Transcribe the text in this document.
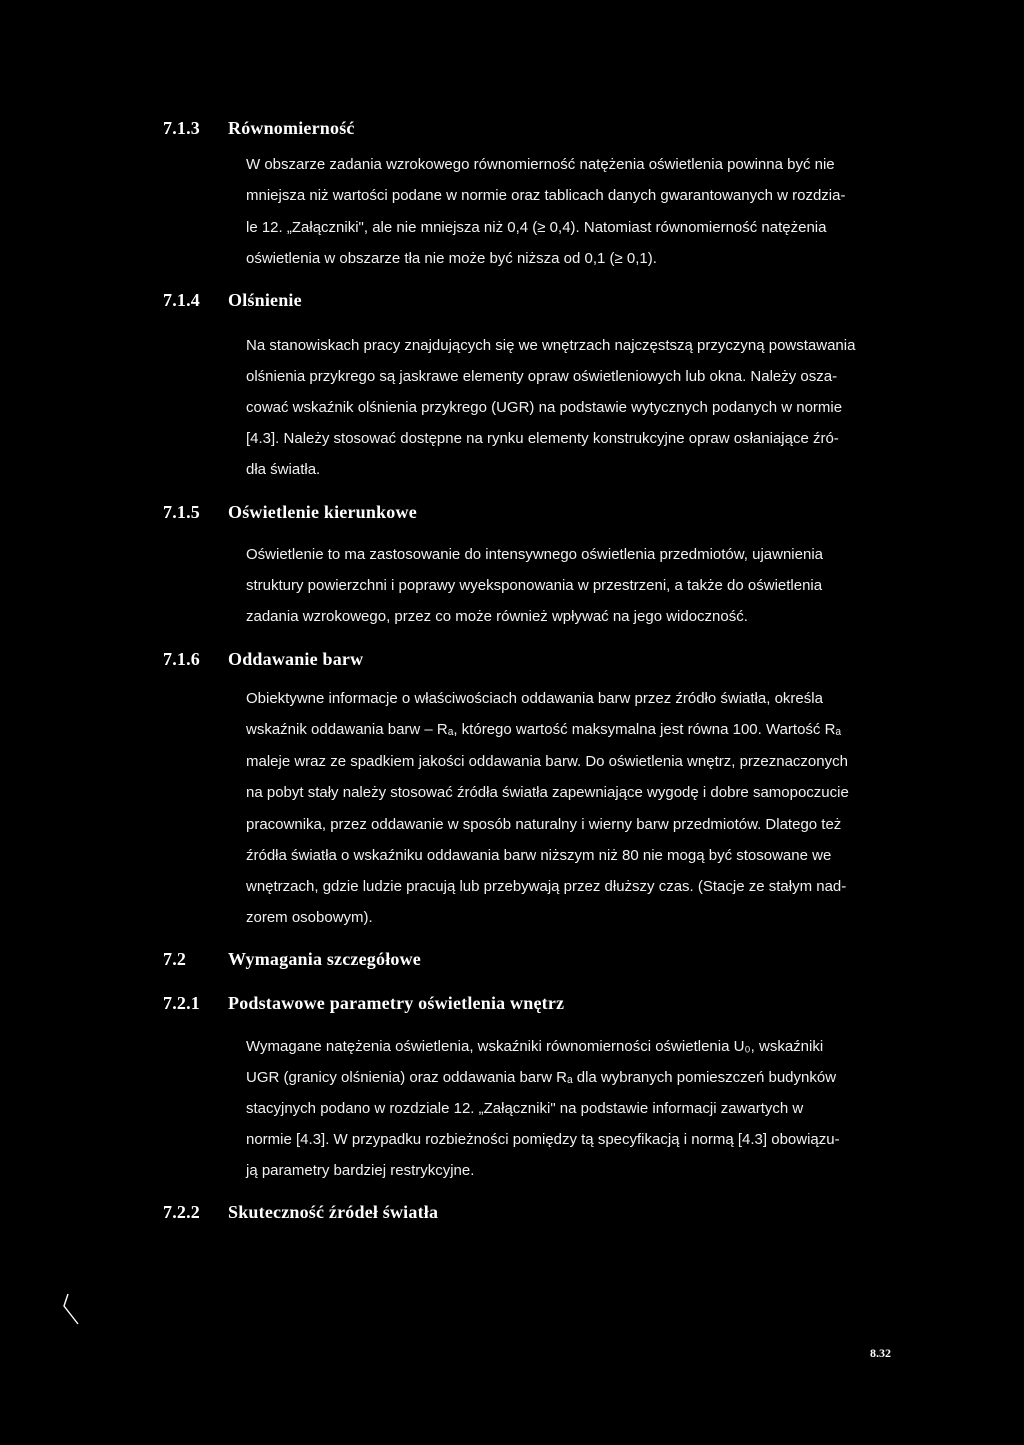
7.1.3 Równomierność
W obszarze zadania wzrokowego równomierność natężenia oświetlenia powinna być nie
mniejsza niż wartości podane w normie oraz tablicach danych gwarantowanych w rozdzia-
le 12. „Załączniki", ale nie mniejsza niż 0,4 (≥ 0,4). Natomiast równomierność natężenia
oświetlenia w obszarze tła nie może być niższa od 0,1 (≥ 0,1).
7.1.4 Olśnienie
Na stanowiskach pracy znajdujących się we wnętrzach najczęstszą przyczyną powstawania
olśnienia przykrego są jaskrawe elementy opraw oświetleniowych lub okna. Należy osza-
cować wskaźnik olśnienia przykrego (UGR) na podstawie wytycznych podanych w normie
[4.3]. Należy stosować dostępne na rynku elementy konstrukcyjne opraw osłaniające źró-
dła światła.
7.1.5 Oświetlenie kierunkowe
Oświetlenie to ma zastosowanie do intensywnego oświetlenia przedmiotów, ujawnienia
struktury powierzchni i poprawy wyeksponowania w przestrzeni, a także do oświetlenia
zadania wzrokowego, przez co może również wpływać na jego widoczność.
7.1.6 Oddawanie barw
Obiektywne informacje o właściwościach oddawania barw przez źródło światła, określa
wskaźnik oddawania barw – Rₐ, którego wartość maksymalna jest równa 100. Wartość Rₐ
maleje wraz ze spadkiem jakości oddawania barw. Do oświetlenia wnętrz, przeznaczonych
na pobyt stały należy stosować źródła światła zapewniające wygodę i dobre samopoczucie
pracownika, przez oddawanie w sposób naturalny i wierny barw przedmiotów. Dlatego też
źródła światła o wskaźniku oddawania barw niższym niż 80 nie mogą być stosowane we
wnętrzach, gdzie ludzie pracują lub przebywają przez dłuższy czas. (Stacje ze stałym nad-
zorem osobowym).
7.2 Wymagania szczegółowe
7.2.1 Podstawowe parametry oświetlenia wnętrz
Wymagane natężenia oświetlenia, wskaźniki równomierności oświetlenia U₀, wskaźniki
UGR (granicy olśnienia) oraz oddawania barw Rₐ dla wybranych pomieszczeń budynków
stacyjnych podano w rozdziale 12. „Załączniki" na podstawie informacji zawartych w
normie [4.3]. W przypadku rozbieżności pomiędzy tą specyfikacją i normą [4.3] obowiązu-
ją parametry bardziej restrykcyjne.
7.2.2 Skuteczność źródeł światła
8.32
